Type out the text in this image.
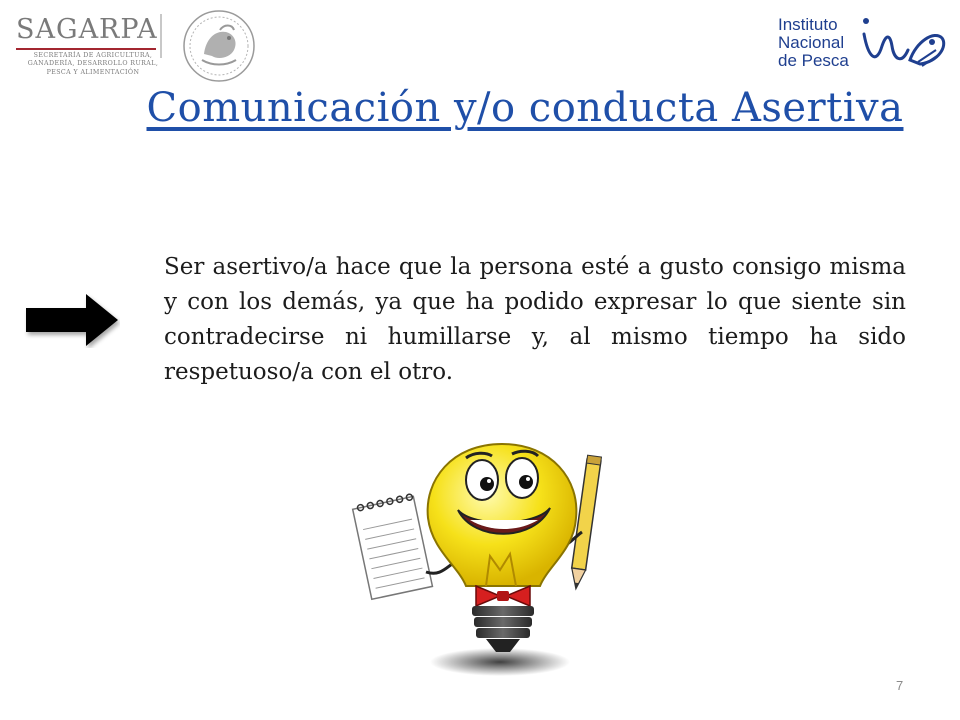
SAGARPA
SECRETARÍA DE AGRICULTURA,
GANADERÍA, DESARROLLO RURAL,
PESCA Y ALIMENTACIÓN
Instituto
Nacional
de Pesca
Comunicación y/o conducta Asertiva
Ser asertivo/a hace que la persona esté a gusto consigo misma y con los demás, ya que ha podido expresar lo que siente sin contradecirse ni humillarse y, al mismo tiempo ha sido respetuoso/a con el otro.
7
